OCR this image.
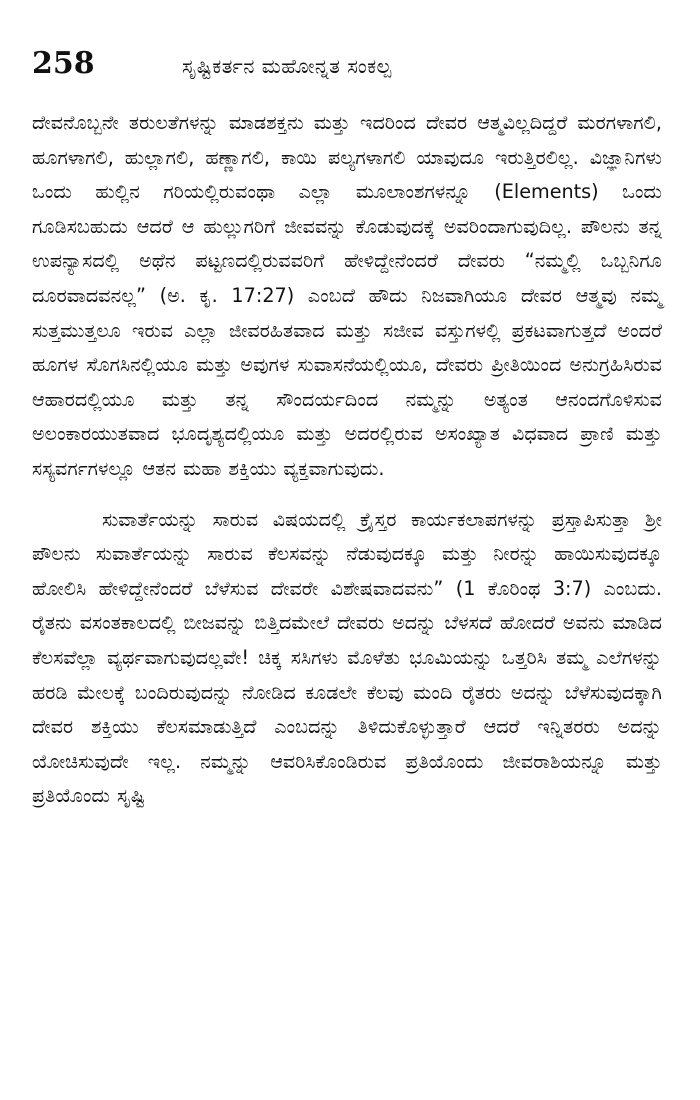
258	ಸೃಷ್ಟಿಕರ್ತನ ಮಹೋನ್ನತ ಸಂಕಲ್ಪ

ದೇವನೊಬ್ಬನೇ ತರುಲತೆಗಳನ್ನು ಮಾಡಶಕ್ತನು ಮತ್ತು ಇದರಿಂದ ದೇವರ ಆತ್ಮವಿಲ್ಲದಿದ್ದರೆ ಮರಗಳಾಗಲಿ, ಹೂಗಳಾಗಲಿ, ಹುಲ್ಲಾಗಲಿ, ಹಣ್ಣಾಗಲಿ, ಕಾಯಿ ಪಲ್ಯಗಳಾಗಲಿ ಯಾವುದೂ ಇರುತ್ತಿರಲಿಲ್ಲ. ವಿಜ್ಞಾನಿಗಳು ಒಂದು ಹುಲ್ಲಿನ ಗರಿಯಲ್ಲಿರುವಂಥಾ ಎಲ್ಲಾ ಮೂಲಾಂಶಗಳನ್ನೂ (Elements) ಒಂದು ಗೂಡಿಸಬಹುದು ಆದರೆ ಆ ಹುಲ್ಲುಗರಿಗೆ ಜೀವವನ್ನು ಕೊಡುವುದಕ್ಕೆ ಅವರಿಂದಾಗುವುದಿಲ್ಲ. ಪೌಲನು ತನ್ನ ಉಪನ್ಯಾಸದಲ್ಲಿ ಅಥೆನ ಪಟ್ಟಣದಲ್ಲಿರುವವರಿಗೆ ಹೇಳಿದ್ದೇನೆಂದರೆ ದೇವರು “ನಮ್ಮಲ್ಲಿ ಒಬ್ಬನಿಗೂ ದೂರವಾದವನಲ್ಲ” (ಅ. ಕೃ. 17:27) ಎಂಬದೆ ಹೌದು ನಿಜವಾಗಿಯೂ ದೇವರ ಆತ್ಮವು ನಮ್ಮ ಸುತ್ತಮುತ್ತಲೂ ಇರುವ ಎಲ್ಲಾ ಜೀವರಹಿತವಾದ ಮತ್ತು ಸಜೀವ ವಸ್ತುಗಳಲ್ಲಿ ಪ್ರಕಟವಾಗುತ್ತದೆ ಅಂದರೆ ಹೂಗಳ ಸೊಗಸಿನಲ್ಲಿಯೂ ಮತ್ತು ಅವುಗಳ ಸುವಾಸನೆಯಲ್ಲಿಯೂ, ದೇವರು ಪ್ರೀತಿಯಿಂದ ಅನುಗ್ರಹಿಸಿರುವ ಆಹಾರದಲ್ಲಿಯೂ ಮತ್ತು ತನ್ನ ಸೌಂದರ್ಯದಿಂದ ನಮ್ಮನ್ನು ಅತ್ಯಂತ ಆನಂದಗೊಳಿಸುವ ಅಲಂಕಾರಯುತವಾದ ಭೂದೃಶ್ಯದಲ್ಲಿಯೂ ಮತ್ತು ಅದರಲ್ಲಿರುವ ಅಸಂಖ್ಯಾತ ವಿಧವಾದ ಪ್ರಾಣಿ ಮತ್ತು ಸಸ್ಯವರ್ಗಗಳಲ್ಲೂ ಆತನ ಮಹಾ ಶಕ್ತಿಯು ವ್ಯಕ್ತವಾಗುವುದು.

ಸುವಾರ್ತೆಯನ್ನು ಸಾರುವ ವಿಷಯದಲ್ಲಿ ಕ್ರೈಸ್ತರ ಕಾರ್ಯಕಲಾಪಗಳನ್ನು ಪ್ರಸ್ತಾಪಿಸುತ್ತಾ ಶ್ರೀ ಪೌಲನು ಸುವಾರ್ತೆಯನ್ನು ಸಾರುವ ಕೆಲಸವನ್ನು ನೆಡುವುದಕ್ಕೂ ಮತ್ತು ನೀರನ್ನು ಹಾಯಿಸುವುದಕ್ಕೂ ಹೋಲಿಸಿ ಹೇಳಿದ್ದೇನೆಂದರೆ ಬೆಳೆಸುವ ದೇವರೇ ವಿಶೇಷವಾದವನು” (1 ಕೊರಿಂಥ 3:7) ಎಂಬದು. ರೈತನು ವಸಂತಕಾಲದಲ್ಲಿ ಬೀಜವನ್ನು ಬಿತ್ತಿದಮೇಲೆ ದೇವರು ಅದನ್ನು ಬೆಳಸದೆ ಹೋದರೆ ಅವನು ಮಾಡಿದ ಕೆಲಸವೆಲ್ಲಾ ವ್ಯರ್ಥವಾಗುವುದಲ್ಲವೇ! ಚಿಕ್ಕ ಸಸಿಗಳು ಮೊಳೆತು ಭೂಮಿಯನ್ನು ಒತ್ತರಿಸಿ ತಮ್ಮ ಎಲೆಗಳನ್ನು ಹರಡಿ ಮೇಲಕ್ಕೆ ಬಂದಿರುವುದನ್ನು ನೋಡಿದ ಕೂಡಲೇ ಕೆಲವು ಮಂದಿ ರೈತರು ಅದನ್ನು ಬೆಳೆಸುವುದಕ್ಕಾಗಿ ದೇವರ ಶಕ್ತಿಯು ಕೆಲಸಮಾಡುತ್ತಿದೆ ಎಂಬದನ್ನು ತಿಳಿದುಕೊಳ್ಳುತ್ತಾರೆ ಆದರೆ ಇನ್ನಿತರರು ಅದನ್ನು ಯೋಚಿಸುವುದೇ ಇಲ್ಲ. ನಮ್ಮನ್ನು ಆವರಿಸಿಕೊಂಡಿರುವ ಪ್ರತಿಯೊಂದು ಜೀವರಾಶಿಯನ್ನೂ ಮತ್ತು ಪ್ರತಿಯೊಂದು ಸೃಷ್ಟಿ
